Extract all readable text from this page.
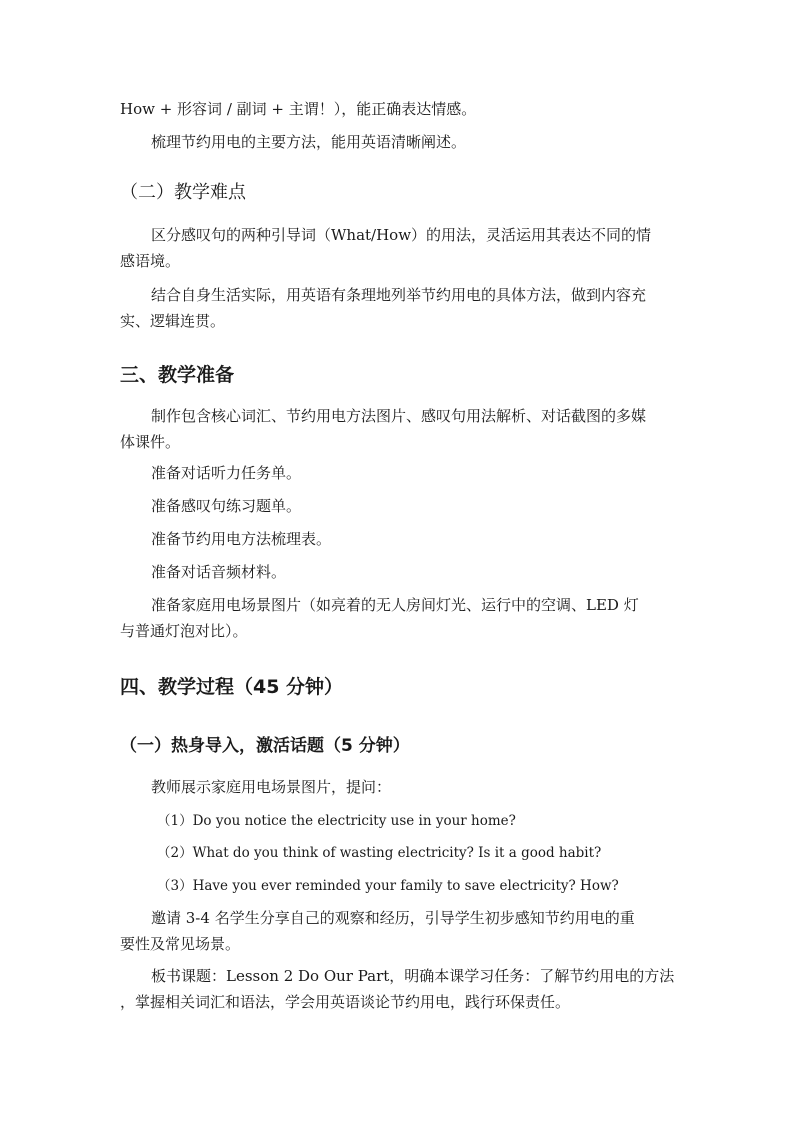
How + 形容词 / 副词 + 主谓！），能正确表达情感。
梳理节约用电的主要方法，能用英语清晰阐述。
（二）教学难点
区分感叹句的两种引导词（What/How）的用法，灵活运用其表达不同的情
感语境。
结合自身生活实际，用英语有条理地列举节约用电的具体方法，做到内容充
实、逻辑连贯。
三、教学准备
制作包含核心词汇、节约用电方法图片、感叹句用法解析、对话截图的多媒
体课件。
准备对话听力任务单。
准备感叹句练习题单。
准备节约用电方法梳理表。
准备对话音频材料。
准备家庭用电场景图片（如亮着的无人房间灯光、运行中的空调、LED 灯
与普通灯泡对比）。
四、教学过程（45 分钟）
（一）热身导入，激活话题（5 分钟）
教师展示家庭用电场景图片，提问：
（1）Do you notice the electricity use in your home?
（2）What do you think of wasting electricity? Is it a good habit?
（3）Have you ever reminded your family to save electricity? How?
邀请 3-4 名学生分享自己的观察和经历，引导学生初步感知节约用电的重
要性及常见场景。
板书课题：Lesson 2 Do Our Part，明确本课学习任务：了解节约用电的方法
，掌握相关词汇和语法，学会用英语谈论节约用电，践行环保责任。
